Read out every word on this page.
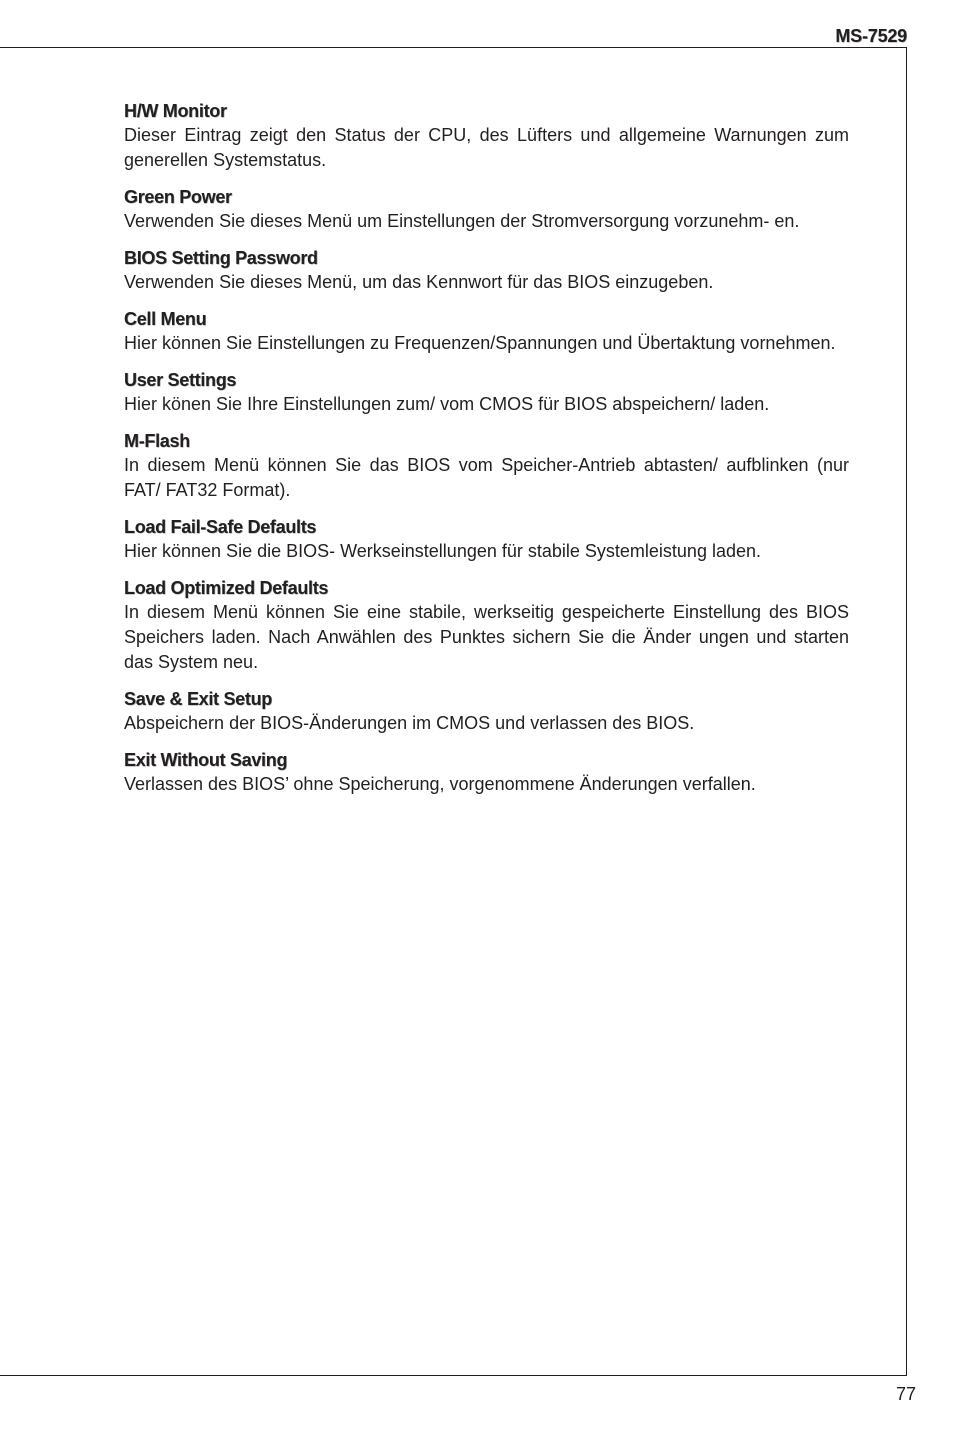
MS-7529
H/W Monitor
Dieser Eintrag zeigt den Status der CPU, des Lüfters und allgemeine Warnungen zum generellen Systemstatus.
Green Power
Verwenden Sie dieses Menü um Einstellungen der Stromversorgung vorzunehm- en.
BIOS Setting Password
Verwenden Sie dieses Menü, um das Kennwort für das BIOS einzugeben.
Cell Menu
Hier können Sie Einstellungen zu Frequenzen/Spannungen und Übertaktung vornehmen.
User Settings
Hier könen Sie Ihre Einstellungen zum/ vom CMOS für BIOS abspeichern/ laden.
M-Flash
In diesem Menü können Sie das BIOS vom Speicher-Antrieb abtasten/ aufblinken (nur FAT/ FAT32 Format).
Load Fail-Safe Defaults
Hier können Sie die BIOS- Werkseinstellungen für stabile Systemleistung laden.
Load Optimized Defaults
In diesem Menü können Sie eine stabile, werkseitig gespeicherte Einstellung des BIOS Speichers laden. Nach Anwählen des Punktes sichern Sie die Änder ungen und starten das System neu.
Save & Exit Setup
Abspeichern der BIOS-Änderungen im CMOS und verlassen des BIOS.
Exit Without Saving
Verlassen des BIOS’ ohne Speicherung, vorgenommene Änderungen verfallen.
77
